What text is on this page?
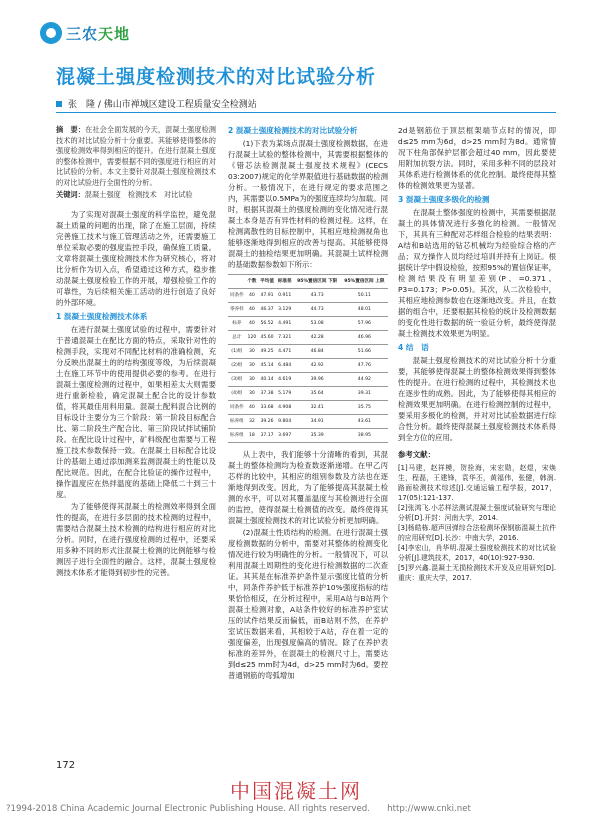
三农天地
混凝土强度检测技术的对比试验分析
张　隆 / 佛山市禅城区建设工程质量安全检测站
摘　要：在社会全面发展的今天，混凝土强度检测技术的对比试验分析十分重要。其能够使得整体的强度检测效率得到相应的提升。在进行混凝土强度的整体检测中，需要根据不同的强度进行相应的对比试验的分析。本文主要针对混凝土强度检测技术的对比试验进行全面性的分析。
关键词：混凝土强度　检测技术　对比试验

为了实现对混凝土强度的科学监控，避免混凝土质量的问题的出现，除了在施工层面，持续完善施工技术与施工管理活动之外，还需要施工单位采取必要的强度监控手段，确保施工质量。文章将混凝土强度检测技术作为研究核心，将对比分析作为切入点，希望通过这种方式，稳步推动混凝土强度检验工作的开展，增强检验工作的可靠性，为后续相关施工活动的进行创造了良好的外部环境。

1 混凝土强度检测技术体系

在进行混凝土强度试验的过程中，需要针对于普通混凝土在配比方面的特点，采取针对性的检测手段，实现对不同配比材料的准确检测，充分反映出混凝土的的结构强度等级，为后续混凝土在施工环节中的使用提供必要的参考。在进行混凝土强度检测的过程中，如果相差太大则需要进行重新检验，确定混凝土配合比的设计参数值，将其最佳用料用量。混凝土配料混合比例的目标设计主要分为三个阶段：第一阶段目标配合比、第二阶段生产配合比、第三阶段试拌试铺阶段。在配比设计过程中，矿料级配也需要与工程施工技术参数保持一致。在混凝土目标配合比设计的基础上通过添加测来监测混凝土的性能以及配比规范。因此，在配合比验证的操作过程中，操作温度应在热拌温度的基础上降低二十到三十度。

为了能够使得其混凝土的检测效率得到全面性的提高，在进行多层面的技术检测的过程中，需要结合混凝土技术检测的结构进行相应的对比分析。同时，在进行强度检测的过程中，还要采用多种不同的形式注混凝土检测的比例能够与检测因子进行全面性的融合。这样，混凝土强度检测技术体系才能得到初步性的完善。

2 混凝土强度检测技术的对比试验分析

(1)下表为某场点混凝土强度检测数据，在进行混凝土试验的整体检测中，其需要根据整体的《错芯法检测混凝土强度技术规程》(CECS 03:2007)规定的化学界限值进行基础数据的检测分析。一般情况下，在进行规定的要求范围之内，其需要以0.5MPa为的强度连续均匀加载。同时，根据其混凝土的强度检测的变化情况进行混凝土本身是否有异性材料的检测过程。这样，在检测离散性的目标控制中，其相应地检测视角也能够逐渐地得到相应的改善与提高。其能够使得混凝土的抽检结果更加明确。其混凝土试样检测的基础数据参数如下所示：

	个数	平均值	标准差	95%置信区间 下限	95%置信区间 上限
同条件	40	47.91	0.911	43.73	50.11
零养样	40	46.37	3.129	44.73	48.01
标养	40	56.52	4.491	53.08	57.96
总计	120	45.60	7.321	42.28	46.96
(1)组	30	49.25	4.471	46.84	51.66
(2)组	30	45.14	6.484	42.92	47.76
(3)组	30	40.14	4.619	39.96	44.92
(4)组	30	37.38	5.179	35.64	39.31
同条件	40	33.68	4.908	32.41	35.75
标养组	32	39.26	9.804	34.91	43.61
标养组	18	37.17	3.697	35.39	38.95

从上表中，我们能够十分清晰的看到，其混凝土的整体检测均为检查数逐渐递增。在甲乙丙芯样的比较中，其相应的组别参数及方法也在逐渐地得到改变。因此，为了能够提高其混凝土检测的水平，可以对其覆盖温度与其检测进行全面的监控，使得混凝土检测值的改变。最终使得其混凝土强度检测技术的对比试验分析更加明确。

(2)混凝土性质结构的检测。在进行混凝土强度检测数据的分析中，需要对其整体的检测变化情况进行较为明确性的分析。一般情况下，可以利用混凝土周期性的变化进行检测数据的二次查证。其其是在标准养护条件显示强度比值的分析中，同条件养护低于标准养护10%强度指标的结果恰恰相反，在分析过程中，采用A站与B站两个混凝土检测对象，A站条件较好的标准养护室试压的试件结果反而偏低，而B站则不然，在养护室试压数据来看，其相较于A站，存在着一定的强度偏差，出现强度偏高的情况。除了在养护表标准的差异外，在混凝土的检测尺寸上，需要达到d≤25 mm时为4d，d>25 mm时为6d。要控普通钢筋的弯弧增加

2d是钢筋位于顶层框架端节点时的情况，即d≤25 mm为6d，d>25 mm时为8d。通常情况下柱角部保护层都会超过40 mm，因此要使用附加抗裂方法。同时，采用多种不同的层段对其体系进行检测体系的优化控制。最终使得其整体的检测效果更为显著。

3 混凝土强度多级化的检测

在混凝土整体强度的检测中，其需要根据混凝土的具体情况进行多強化的检测。一般情况下，其具有三种配对芯样组合检验的结果表明：A结和B站选用的钻芯机械均为经验综合格的产品；双方操作人员均经过培训并持有上岗证。根据统计学中假设检验，按照95%的置信保证率，检测结果没有明显差别(P、=0.371、P3=0.173；P>0.05)。其次，从二次检验中，其相应地检测参数也在逐渐地改变。并且，在数据的组合中，还要根据其检验的统计及检测数据的变化性进行数据的统一验证分析，最终使得混凝土检测技术效果更为明显。

4 结　语

混凝土强度检测技术的对比试验分析十分重要，其能够使得混凝土的整体检测效果得到整体性的提升。在进行检测的过程中，其检测技术也在逐步性的成熟。因此，为了能够使得其相应的检测效果更加明确。在进行检测控制的过程中，要采用多极化的检测，并对对比试验数据进行综合性分析。最终使得混凝土强度检测技术体系得到全方位的应用。

参考文献：
[1]马建，赵祥模，贺拴海，宋宏勋，赵煜，宋焕生，程磊，王建锋，袁华丕，黄福伟，张健，韩润.路面检测技术综述[J].交通运输工程学报，2017，17(05):121-137.
[2]张鸿飞.小芯样法测试混凝土强度试验研究与理论分析[D].开封：河南大学，2014.
[3]杨皓栋.超声回弹综合法检测环保钢筋混凝土抗件的应用研究[D].长沙：中南大学，2016.
[4]李宏山，肖华明.混凝土强度检测技术的对比试验分析[J].建筑技术，2017，40(10):927-930.
[5]罗兴鑫.混凝土无损检测技术开发及应用研究[D].重庆：重庆大学，2017.
172
中国混凝土网
?1994-2018 China Academic Journal Electronic Publishing House. All rights reserved.　　http://www.cnki.net
